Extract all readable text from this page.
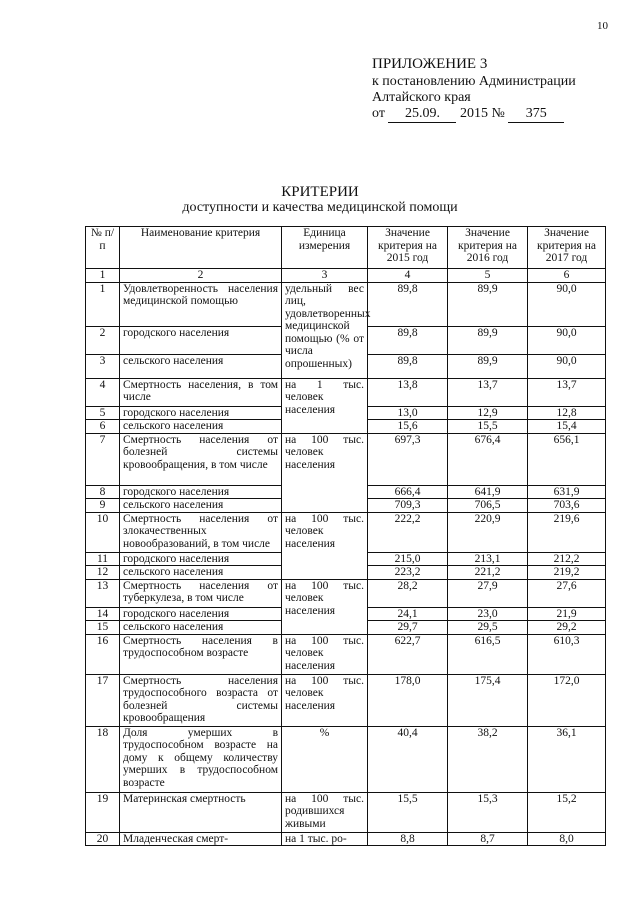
10
ПРИЛОЖЕНИЕ 3
к постановлению Администрации
Алтайского края
от 25.09. 2015 № 375
КРИТЕРИИ
доступности и качества медицинской помощи
№ п/п	Наименование критерия	Единица измерения	Значение критерия на 2015 год	Значение критерия на 2016 год	Значение критерия на 2017 год
1	2	3	4	5	6
1	Удовлетворенность населения медицинской помощью	удельный вес лиц, удовлетворенных медицинской помощью (% от числа опрошенных)	89,8	89,9	90,0
2	городского населения		89,8	89,9	90,0
3	сельского населения		89,8	89,9	90,0
4	Смертность населения, в том числе	на 1 тыс. человек населения	13,8	13,7	13,7
5	городского населения		13,0	12,9	12,8
6	сельского населения		15,6	15,5	15,4
7	Смертность населения от болезней системы кровообращения, в том числе	на 100 тыс. человек населения	697,3	676,4	656,1
8	городского населения		666,4	641,9	631,9
9	сельского населения		709,3	706,5	703,6
10	Смертность населения от злокачественных новообразований, в том числе	на 100 тыс. человек населения	222,2	220,9	219,6
11	городского населения		215,0	213,1	212,2
12	сельского населения		223,2	221,2	219,2
13	Смертность населения от туберкулеза, в том числе	на 100 тыс. человек населения	28,2	27,9	27,6
14	городского населения		24,1	23,0	21,9
15	сельского населения		29,7	29,5	29,2
16	Смертность населения в трудоспособном возрасте	на 100 тыс. человек населения	622,7	616,5	610,3
17	Смертность населения трудоспособного возраста от болезней системы кровообращения	на 100 тыс. человек населения	178,0	175,4	172,0
18	Доля умерших в трудоспособном возрасте на дому к общему количеству умерших в трудоспособном возрасте	%	40,4	38,2	36,1
19	Материнская смертность	на 100 тыс. родившихся живыми	15,5	15,3	15,2
20	Младенческая смерт-	на 1 тыс. ро-	8,8	8,7	8,0
